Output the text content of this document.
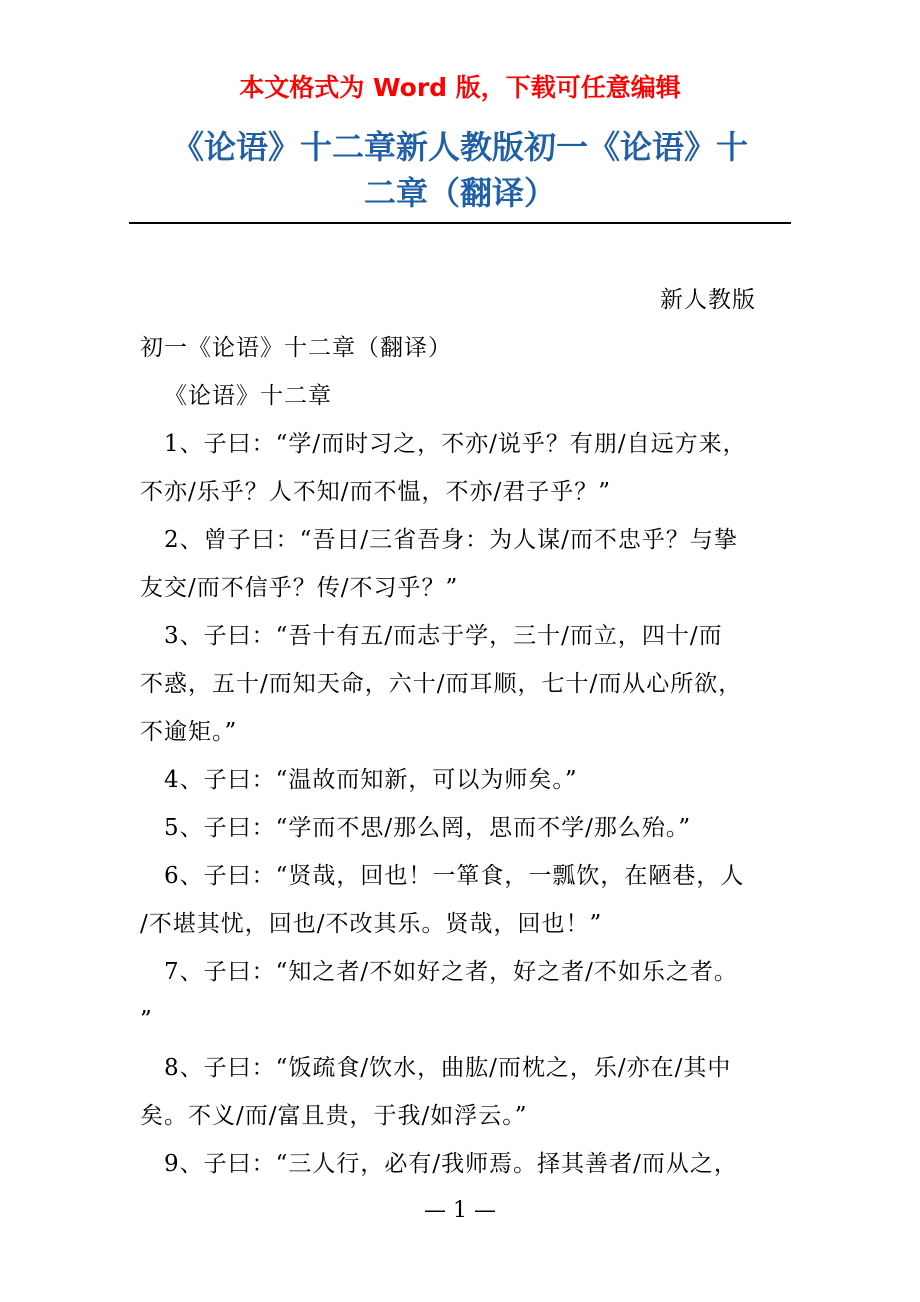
本文格式为 Word 版，下载可任意编辑
《论语》十二章新人教版初一《论语》十
二章（翻译）
新人教版
初一《论语》十二章（翻译）
《论语》十二章
1、子曰：“学/而时习之，不亦/说乎？有朋/自远方来，
不亦/乐乎？人不知/而不愠，不亦/君子乎？”
2、曾子曰：“吾日/三省吾身：为人谋/而不忠乎？与挚
友交/而不信乎？传/不习乎？”
3、子曰：“吾十有五/而志于学，三十/而立，四十/而
不惑，五十/而知天命，六十/而耳顺，七十/而从心所欲，
不逾矩。”
4、子曰：“温故而知新，可以为师矣。”
5、子曰：“学而不思/那么罔，思而不学/那么殆。”
6、子曰：“贤哉，回也！一箪食，一瓢饮，在陋巷，人
/不堪其忧，回也/不改其乐。贤哉，回也！”
7、子曰：“知之者/不如好之者，好之者/不如乐之者。
”
8、子曰：“饭疏食/饮水，曲肱/而枕之，乐/亦在/其中
矣。不义/而/富且贵，于我/如浮云。”
9、子曰：“三人行，必有/我师焉。择其善者/而从之，
— 1 —
